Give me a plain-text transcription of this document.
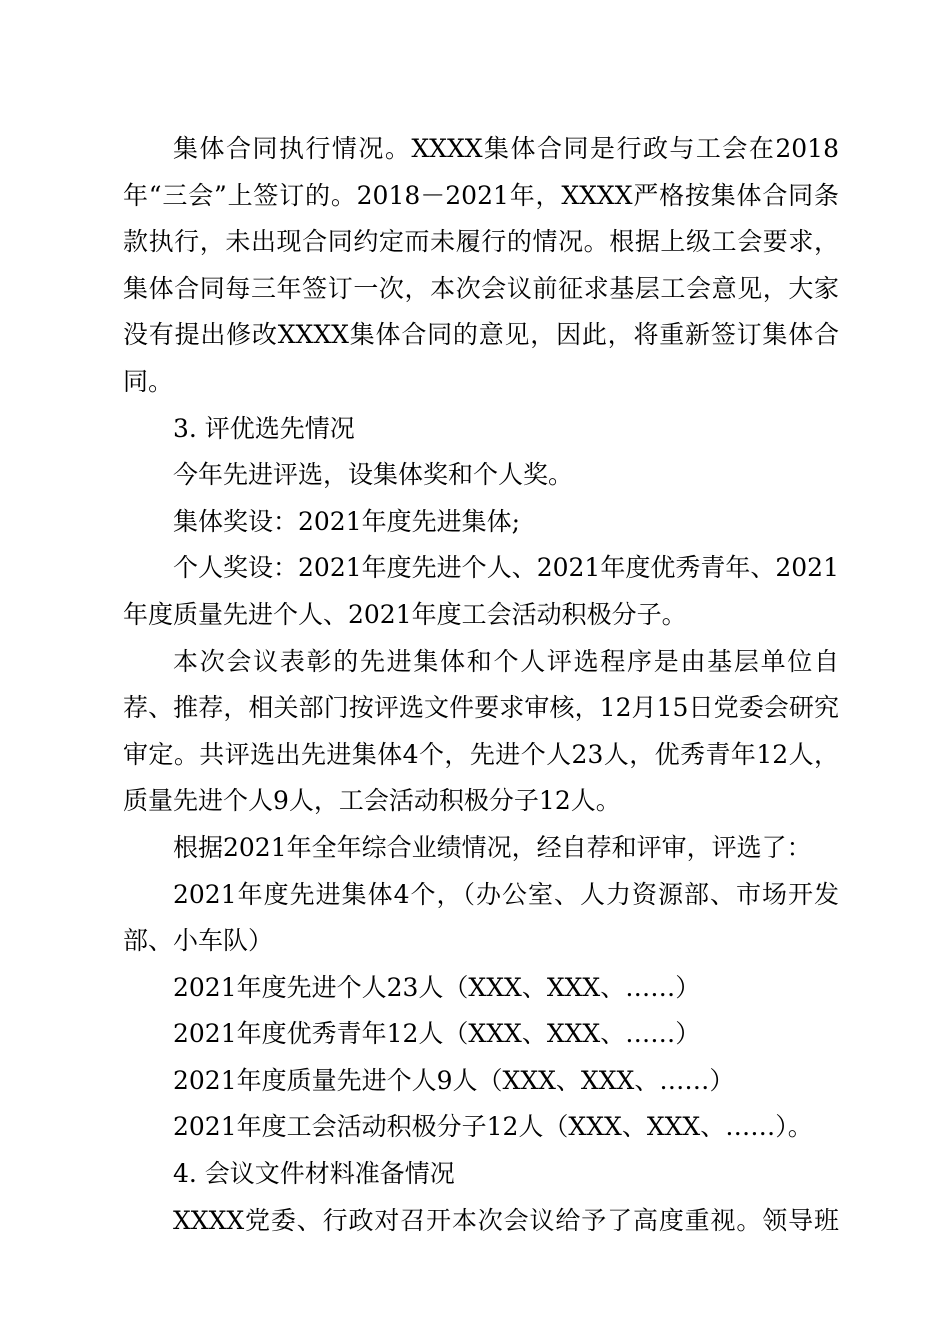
集体合同执行情况。XXXX集体合同是行政与工会在2018年“三会”上签订的。2018－2021年，XXXX严格按集体合同条款执行，未出现合同约定而未履行的情况。根据上级工会要求，集体合同每三年签订一次，本次会议前征求基层工会意见，大家没有提出修改XXXX集体合同的意见，因此，将重新签订集体合同。

3. 评优选先情况

今年先进评选，设集体奖和个人奖。

集体奖设：2021年度先进集体;

个人奖设：2021年度先进个人、2021年度优秀青年、2021年度质量先进个人、2021年度工会活动积极分子。

本次会议表彰的先进集体和个人评选程序是由基层单位自荐、推荐，相关部门按评选文件要求审核，12月15日党委会研究审定。共评选出先进集体4个，先进个人23人，优秀青年12人，质量先进个人9人，工会活动积极分子12人。

根据2021年全年综合业绩情况，经自荐和评审，评选了：

2021年度先进集体4个，（办公室、人力资源部、市场开发部、小车队）

2021年度先进个人23人（XXX、XXX、……）

2021年度优秀青年12人（XXX、XXX、……）

2021年度质量先进个人9人（XXX、XXX、……）

2021年度工会活动积极分子12人（XXX、XXX、……）。

4. 会议文件材料准备情况

XXXX党委、行政对召开本次会议给予了高度重视。领导班
